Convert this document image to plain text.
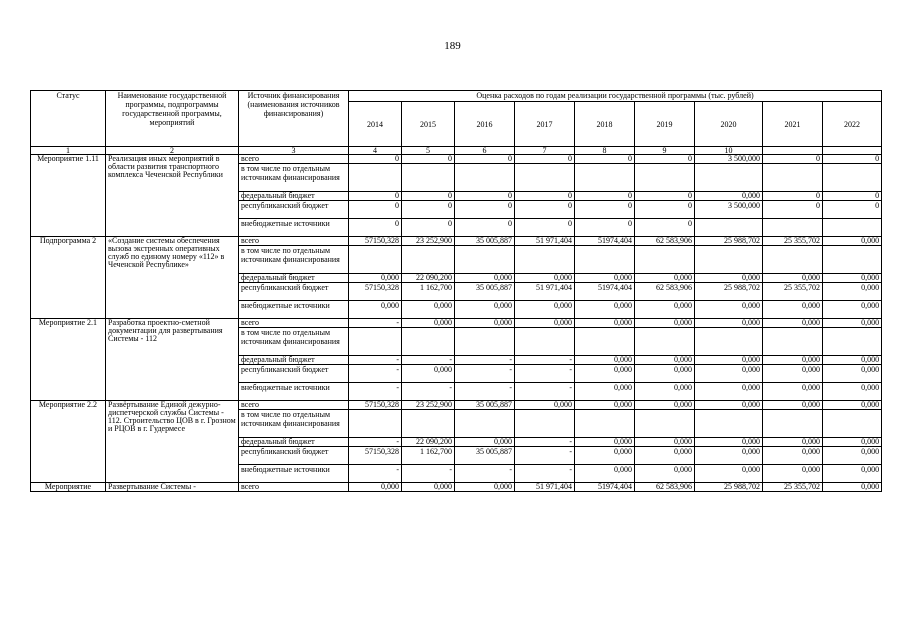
189
Статус	Наименование государственной программы, подпрограммы государственной программы, мероприятий	Источник финансирования (наименования источников финансирования)	Оценка расходов по годам реализации государственной программы (тыс. рублей)								
			2014	2015	2016	2017	2018	2019	2020	2021	2022
1	2	3	4	5	6	7	8	9	10		
Мероприятие 1.11	Реализация иных мероприятий в области развития транспортного комплекса Чеченской Республики	всего	0	0	0	0	0	0	3 500,000	0	0
		в том числе по отдельным источникам финансирования									
		федеральный бюджет	0	0	0	0	0	0	0,000	0	0
		республиканский бюджет	0	0	0	0	0	0	3 500,000	0	0
		внебюджетные источники	0	0	0	0	0	0			
Подпрограмма 2	«Создание системы обеспечения вызова экстренных оперативных служб по единому номеру «112» в Чеченской Республике»	всего	57150,328	23 252,900	35 005,887	51 971,404	51974,404	62 583,906	25 988,702	25 355,702	0,000
		в том числе по отдельным источникам финансирования									
		федеральный бюджет	0,000	22 090,200	0,000	0,000	0,000	0,000	0,000	0,000	0,000
		республиканский бюджет	57150,328	1 162,700	35 005,887	51 971,404	51974,404	62 583,906	25 988,702	25 355,702	0,000
		внебюджетные источники	0,000	0,000	0,000	0,000	0,000	0,000	0,000	0,000	0,000
Мероприятие 2.1	Разработка проектно-сметной документации для развертывания Системы - 112	всего	-	0,000	0,000	0,000	0,000	0,000	0,000	0,000	0,000
		в том числе по отдельным источникам финансирования									
		федеральный бюджет	-	-	-	-	0,000	0,000	0,000	0,000	0,000
		республиканский бюджет	-	0,000	-	-	0,000	0,000	0,000	0,000	0,000
		внебюджетные источники	-	-	-	-	0,000	0,000	0,000	0,000	0,000
Мероприятие 2.2	Развёртывание Единой дежурно-диспетчерской службы Системы - 112. Строительство ЦОВ в г. Грозном и РЦОВ в г. Гудермесе	всего	57150,328	23 252,900	35 005,887	0,000	0,000	0,000	0,000	0,000	0,000
		в том числе по отдельным источникам финансирования									
		федеральный бюджет	-	22 090,200	0,000	-	0,000	0,000	0,000	0,000	0,000
		республиканский бюджет	57150,328	1 162,700	35 005,887	-	0,000	0,000	0,000	0,000	0,000
		внебюджетные источники	-	-	-	-	0,000	0,000	0,000	0,000	0,000
Мероприятие	Развертывание Системы -	всего	0,000	0,000	0,000	51 971,404	51974,404	62 583,906	25 988,702	25 355,702	0,000
